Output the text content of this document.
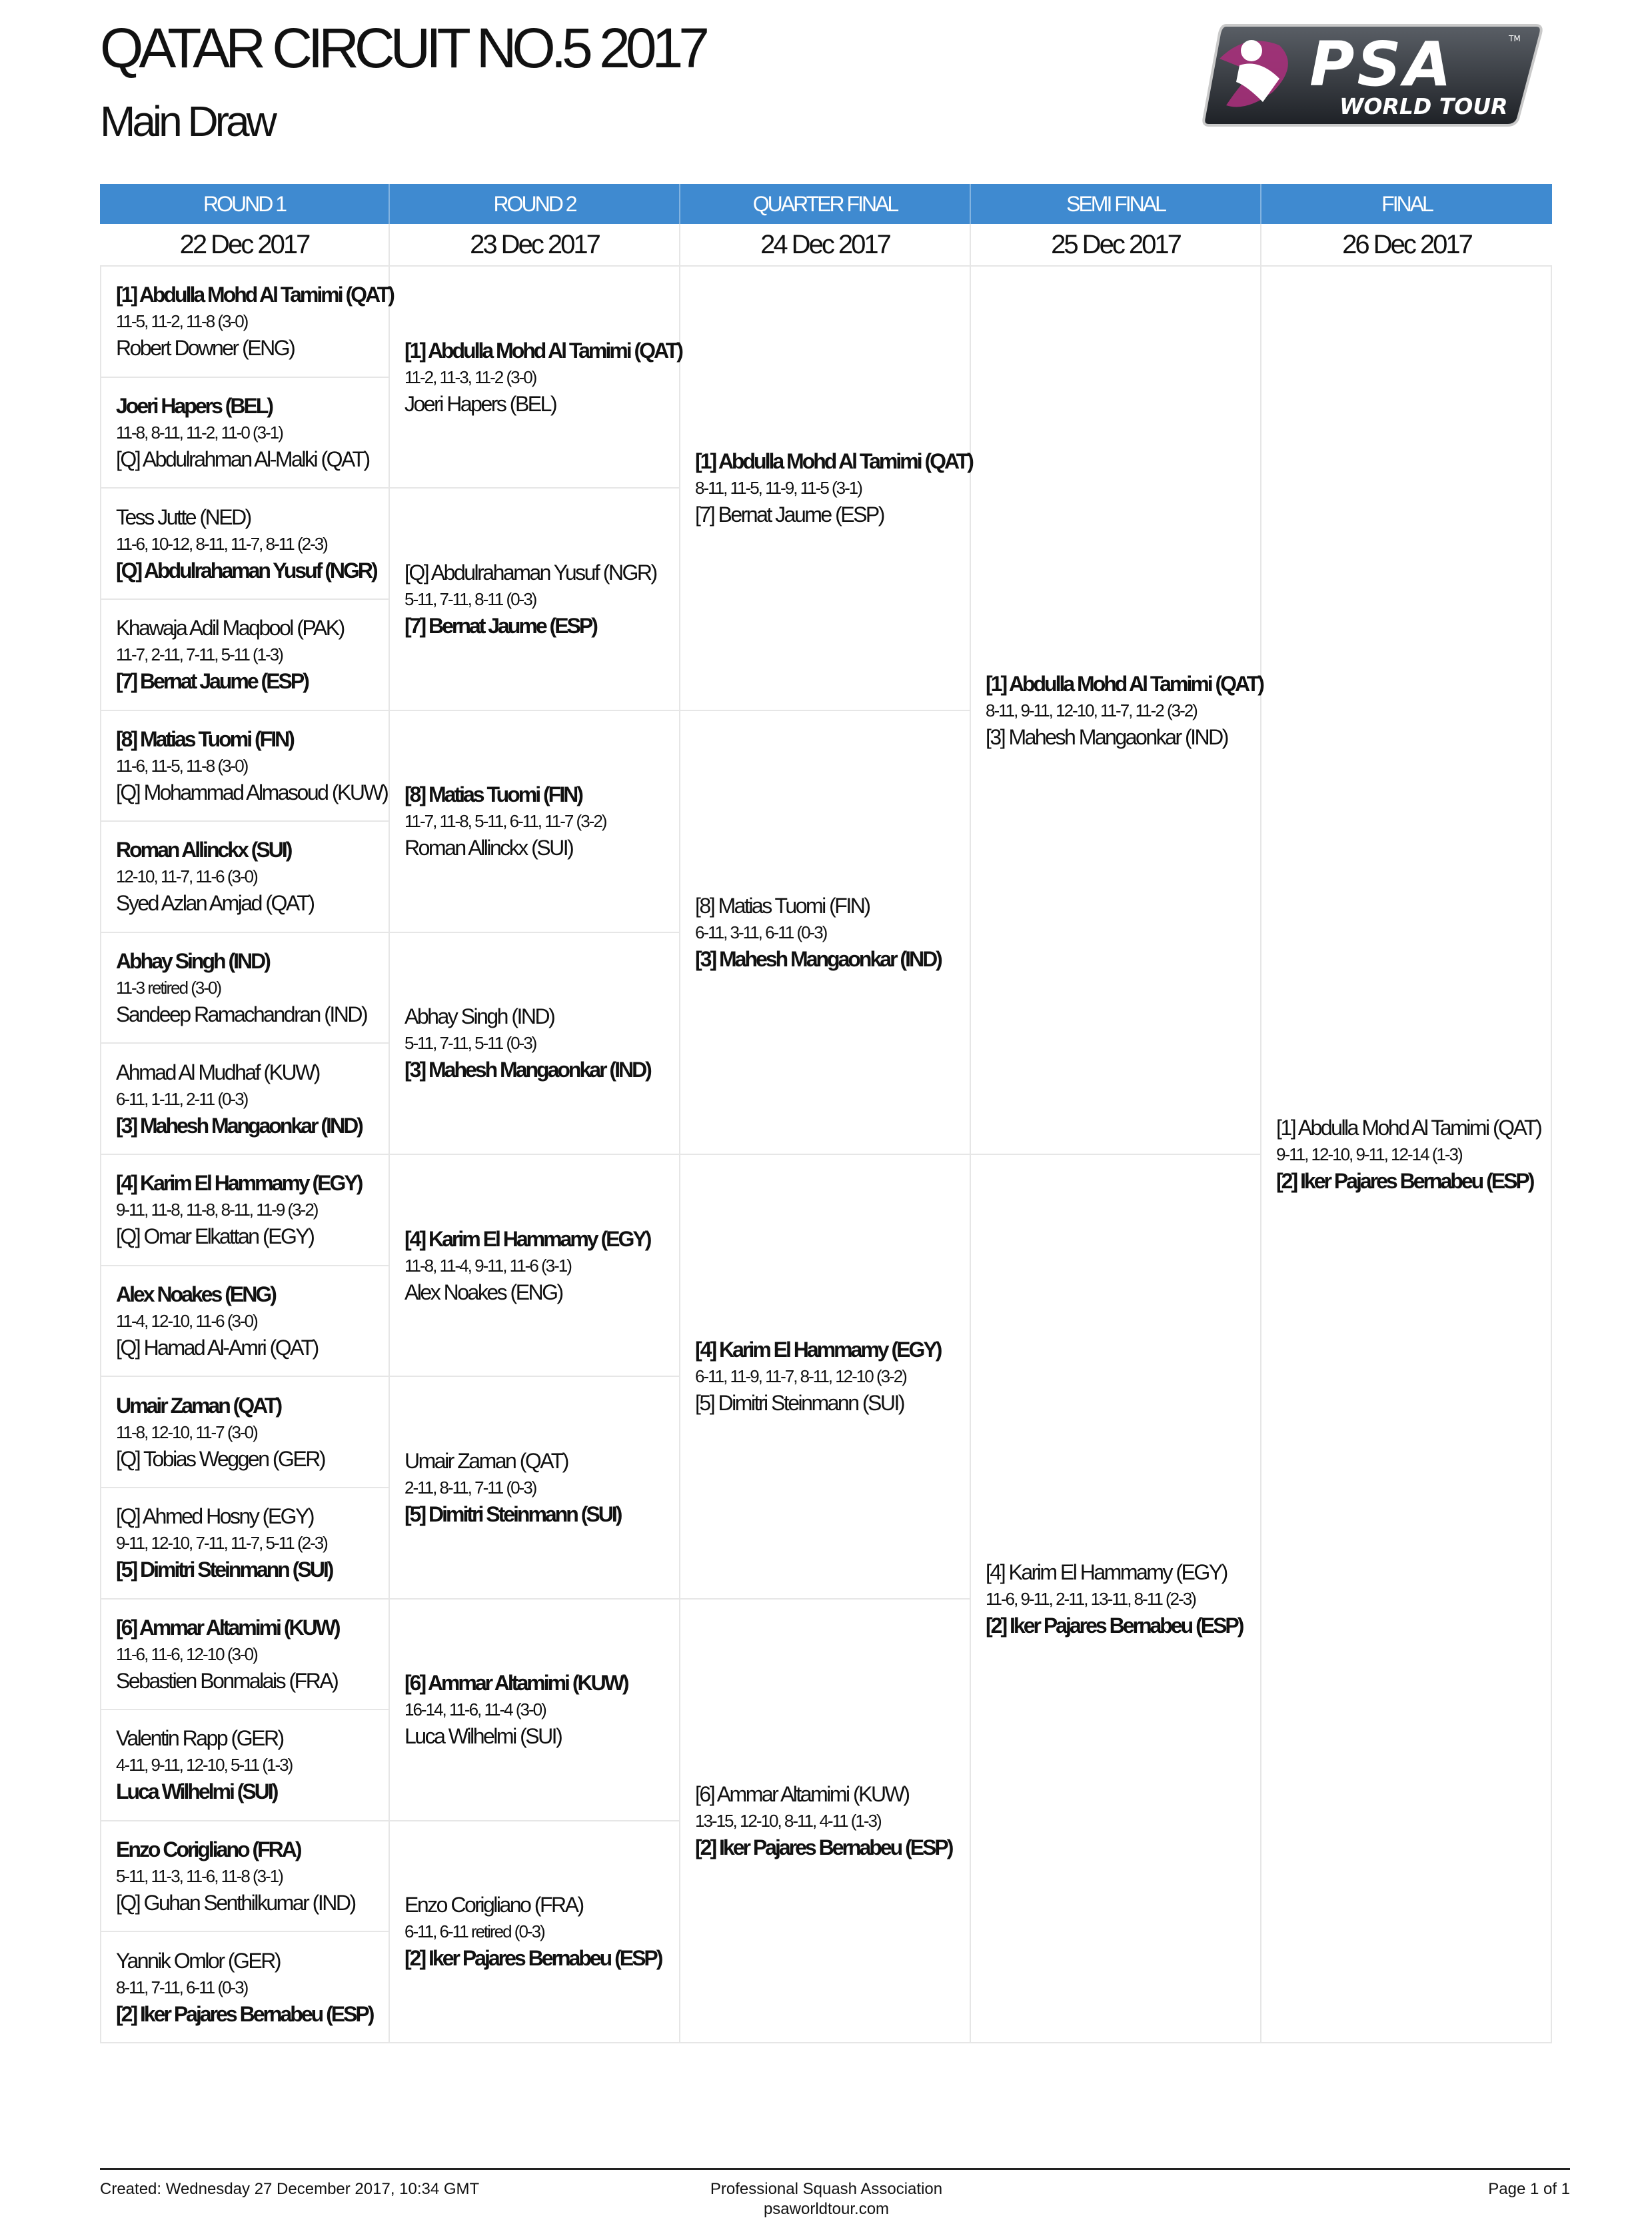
QATAR CIRCUIT NO.5 2017
Main Draw
PSA
WORLD TOUR
TM
ROUND 1	ROUND 2	QUARTER FINAL	SEMI FINAL	FINAL
22 Dec 2017	23 Dec 2017	24 Dec 2017	25 Dec 2017	26 Dec 2017
[1] Abdulla Mohd Al Tamimi (QAT)
11-5, 11-2, 11-8 (3-0)
Robert Downer (ENG)
Joeri Hapers (BEL)
11-8, 8-11, 11-2, 11-0 (3-1)
[Q] Abdulrahman Al-Malki (QAT)
Tess Jutte (NED)
11-6, 10-12, 8-11, 11-7, 8-11 (2-3)
[Q] Abdulrahaman Yusuf (NGR)
Khawaja Adil Maqbool (PAK)
11-7, 2-11, 7-11, 5-11 (1-3)
[7] Bernat Jaume (ESP)
[8] Matias Tuomi (FIN)
11-6, 11-5, 11-8 (3-0)
[Q] Mohammad Almasoud (KUW)
Roman Allinckx (SUI)
12-10, 11-7, 11-6 (3-0)
Syed Azlan Amjad (QAT)
Abhay Singh (IND)
11-3 retired (3-0)
Sandeep Ramachandran (IND)
Ahmad Al Mudhaf (KUW)
6-11, 1-11, 2-11 (0-3)
[3] Mahesh Mangaonkar (IND)
[4] Karim El Hammamy (EGY)
9-11, 11-8, 11-8, 8-11, 11-9 (3-2)
[Q] Omar Elkattan (EGY)
Alex Noakes (ENG)
11-4, 12-10, 11-6 (3-0)
[Q] Hamad Al-Amri (QAT)
Umair Zaman (QAT)
11-8, 12-10, 11-7 (3-0)
[Q] Tobias Weggen (GER)
[Q] Ahmed Hosny (EGY)
9-11, 12-10, 7-11, 11-7, 5-11 (2-3)
[5] Dimitri Steinmann (SUI)
[6] Ammar Altamimi (KUW)
11-6, 11-6, 12-10 (3-0)
Sebastien Bonmalais (FRA)
Valentin Rapp (GER)
4-11, 9-11, 12-10, 5-11 (1-3)
Luca Wilhelmi (SUI)
Enzo Corigliano (FRA)
5-11, 11-3, 11-6, 11-8 (3-1)
[Q] Guhan Senthilkumar (IND)
Yannik Omlor (GER)
8-11, 7-11, 6-11 (0-3)
[2] Iker Pajares Bernabeu (ESP)
[1] Abdulla Mohd Al Tamimi (QAT)
11-2, 11-3, 11-2 (3-0)
Joeri Hapers (BEL)
[Q] Abdulrahaman Yusuf (NGR)
5-11, 7-11, 8-11 (0-3)
[7] Bernat Jaume (ESP)
[8] Matias Tuomi (FIN)
11-7, 11-8, 5-11, 6-11, 11-7 (3-2)
Roman Allinckx (SUI)
Abhay Singh (IND)
5-11, 7-11, 5-11 (0-3)
[3] Mahesh Mangaonkar (IND)
[4] Karim El Hammamy (EGY)
11-8, 11-4, 9-11, 11-6 (3-1)
Alex Noakes (ENG)
Umair Zaman (QAT)
2-11, 8-11, 7-11 (0-3)
[5] Dimitri Steinmann (SUI)
[6] Ammar Altamimi (KUW)
16-14, 11-6, 11-4 (3-0)
Luca Wilhelmi (SUI)
Enzo Corigliano (FRA)
6-11, 6-11 retired (0-3)
[2] Iker Pajares Bernabeu (ESP)
[1] Abdulla Mohd Al Tamimi (QAT)
8-11, 11-5, 11-9, 11-5 (3-1)
[7] Bernat Jaume (ESP)
[8] Matias Tuomi (FIN)
6-11, 3-11, 6-11 (0-3)
[3] Mahesh Mangaonkar (IND)
[4] Karim El Hammamy (EGY)
6-11, 11-9, 11-7, 8-11, 12-10 (3-2)
[5] Dimitri Steinmann (SUI)
[6] Ammar Altamimi (KUW)
13-15, 12-10, 8-11, 4-11 (1-3)
[2] Iker Pajares Bernabeu (ESP)
[1] Abdulla Mohd Al Tamimi (QAT)
8-11, 9-11, 12-10, 11-7, 11-2 (3-2)
[3] Mahesh Mangaonkar (IND)
[4] Karim El Hammamy (EGY)
11-6, 9-11, 2-11, 13-11, 8-11 (2-3)
[2] Iker Pajares Bernabeu (ESP)
[1] Abdulla Mohd Al Tamimi (QAT)
9-11, 12-10, 9-11, 12-14 (1-3)
[2] Iker Pajares Bernabeu (ESP)
Created: Wednesday 27 December 2017, 10:34 GMT	Professional Squash Association
psaworldtour.com
Page 1 of 1
